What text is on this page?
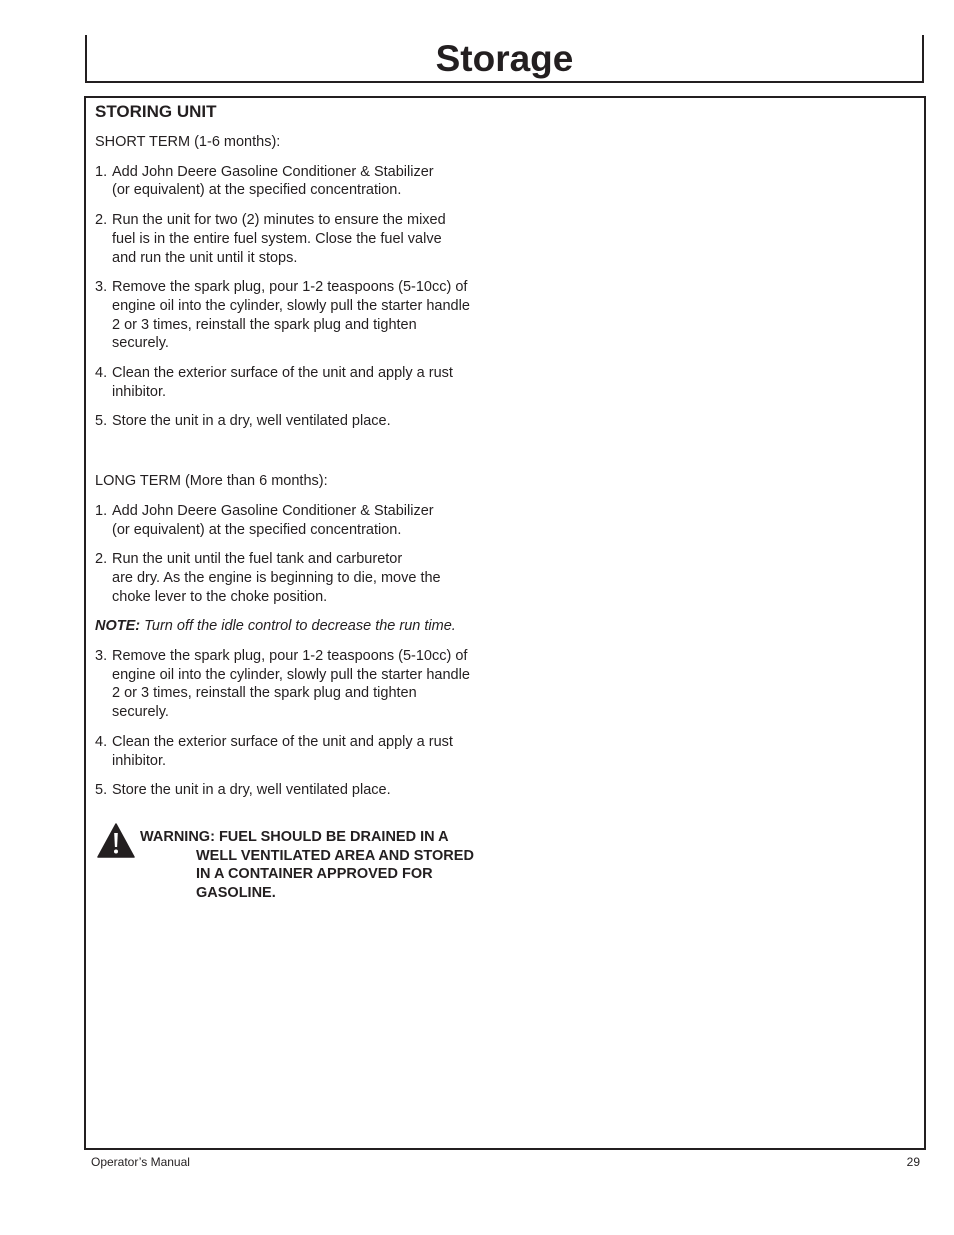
Storage
STORING UNIT
SHORT TERM (1-6 months):
1. Add John Deere Gasoline Conditioner & Stabilizer
(or equivalent) at the specified concentration.
2. Run the unit for two (2) minutes to ensure the mixed
fuel is in the entire fuel system. Close the fuel valve
and run the unit until it stops.
3. Remove the spark plug, pour 1-2 teaspoons (5-10cc) of
engine oil into the cylinder, slowly pull the starter handle
2 or 3 times, reinstall the spark plug and tighten
securely.
4. Clean the exterior surface of the unit and apply a rust
inhibitor.
5. Store the unit in a dry, well ventilated place.
LONG TERM (More than 6 months):
1. Add John Deere Gasoline Conditioner & Stabilizer
(or equivalent) at the specified concentration.
2. Run the unit until the fuel tank and carburetor
are dry. As the engine is beginning to die, move the
choke lever to the choke position.
NOTE: Turn off the idle control to decrease the run time.
3. Remove the spark plug, pour 1-2 teaspoons (5-10cc) of
engine oil into the cylinder, slowly pull the starter handle
2 or 3 times, reinstall the spark plug and tighten
securely.
4. Clean the exterior surface of the unit and apply a rust
inhibitor.
5. Store the unit in a dry, well ventilated place.
WARNING: FUEL SHOULD BE DRAINED IN A
WELL VENTILATED AREA AND STORED
IN A CONTAINER APPROVED FOR
GASOLINE.
Operator’s Manual	29
